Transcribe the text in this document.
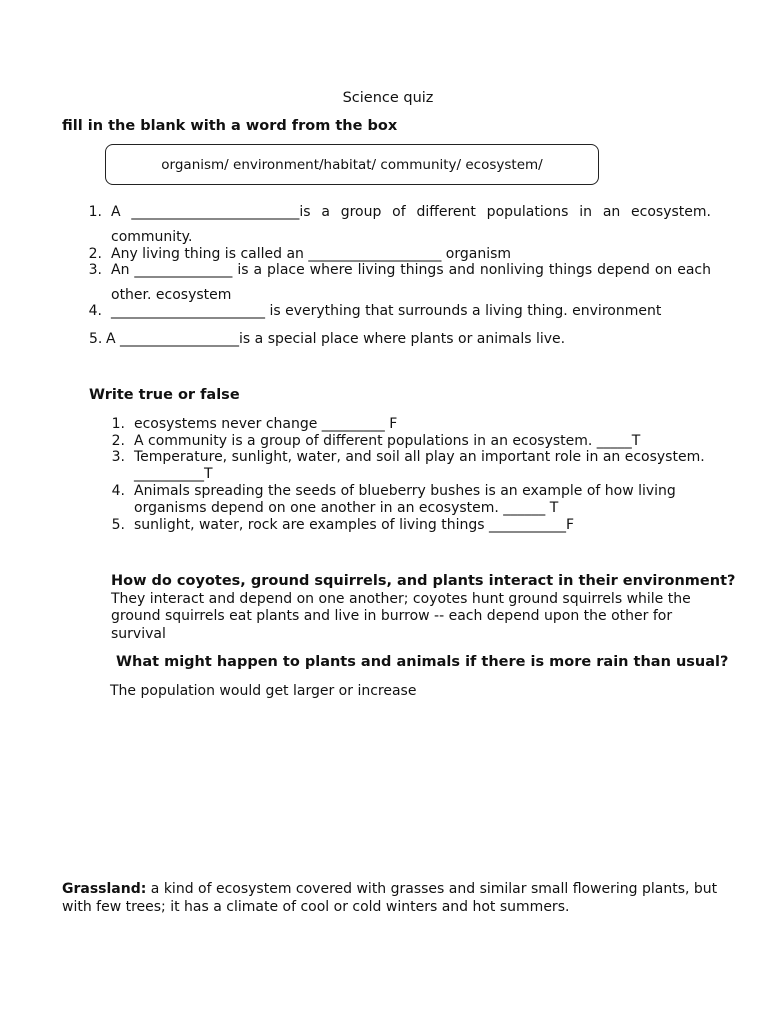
Science quiz
fill in the blank with a word from the box
organism/ environment/habitat/ community/ ecosystem/
1. A ________________________is a group of different populations in an ecosystem.
community.
2. Any living thing is called an ___________________ organism
3. An ______________ is a place where living things and nonliving things depend on each
other. ecosystem
4. ______________________ is everything that surrounds a living thing. environment
5. A _________________is a special place where plants or animals live.
Write true or false
1. ecosystems never change _________ F
2. A community is a group of different populations in an ecosystem. _____T
3. Temperature, sunlight, water, and soil all play an important role in an ecosystem.
__________T
4. Animals spreading the seeds of blueberry bushes is an example of how living
organisms depend on one another in an ecosystem. ______ T
5. sunlight, water, rock are examples of living things ___________F
How do coyotes, ground squirrels, and plants interact in their environment?
They interact and depend on one another; coyotes hunt ground squirrels while the
ground squirrels eat plants and live in burrow -- each depend upon the other for
survival
What might happen to plants and animals if there is more rain than usual?
The population would get larger or increase
Grassland: a kind of ecosystem covered with grasses and similar small flowering plants, but
with few trees; it has a climate of cool or cold winters and hot summers.
